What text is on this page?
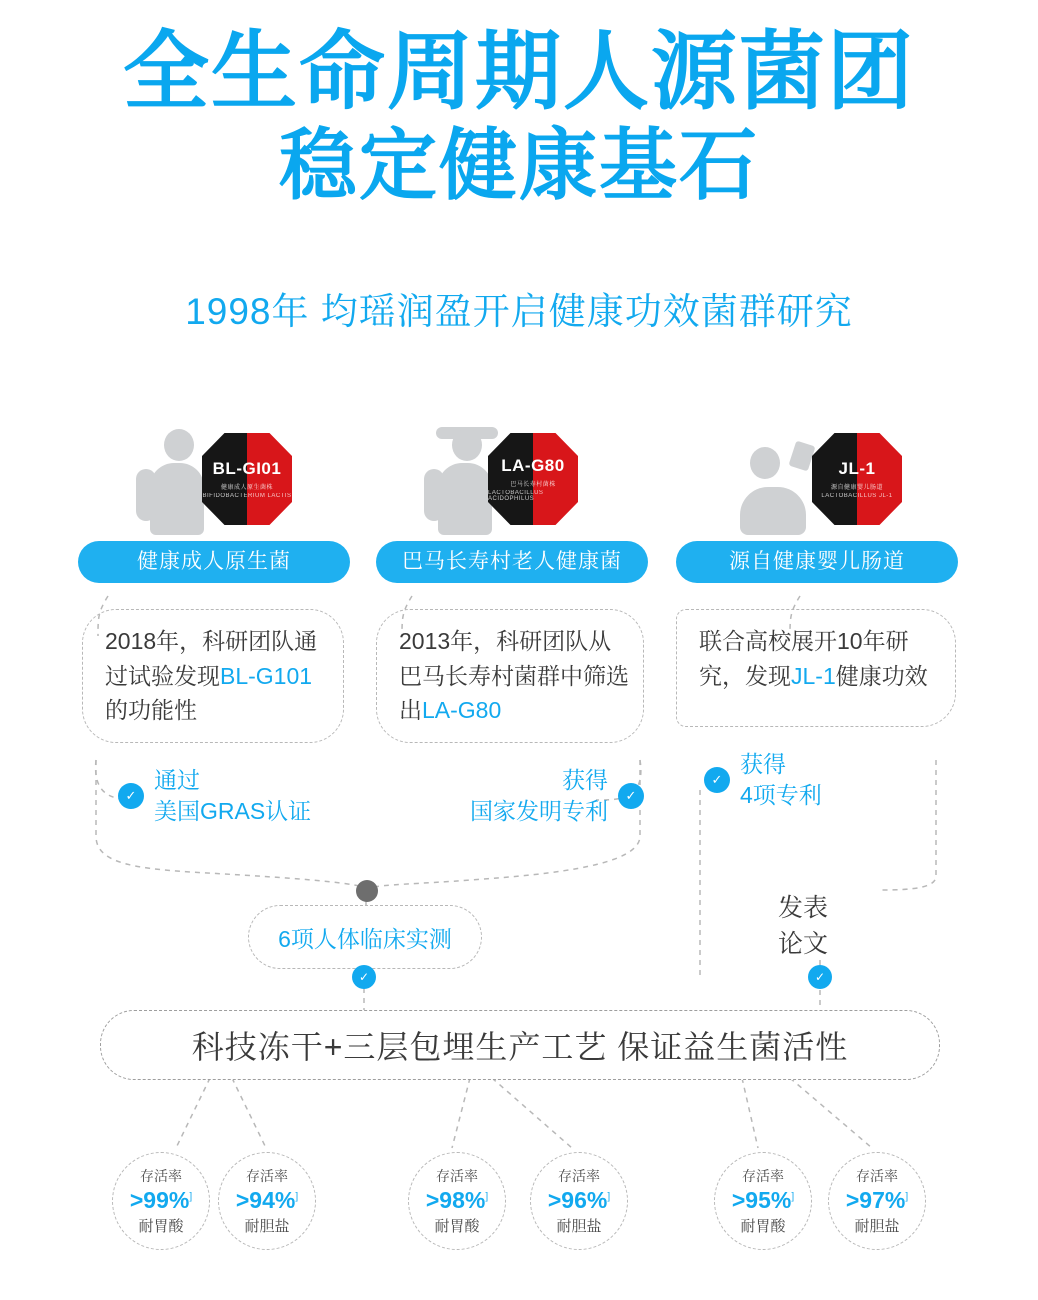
全生命周期人源菌团
稳定健康基石
1998年 均瑶润盈开启健康功效菌群研究
BL-GI01
健康成人原生菌株
BIFIDOBACTERIUM LACTIS
健康成人原生菌
2018年，科研团队通过试验发现BL-G101的功能性
✓
通过
美国GRAS认证
LA-G80
巴马长寿村菌株
LACTOBACILLUS ACIDOPHILUS
巴马长寿村老人健康菌
2013年，科研团队从巴马长寿村菌群中筛选出LA-G80
获得
国家发明专利
✓
JL-1
源自健康婴儿肠道
LACTOBACILLUS JL-1
源自健康婴儿肠道
联合高校展开10年研究，发现JL-1健康功效
✓
获得
4项专利
6项人体临床实测
✓
发表
论文
✓
科技冻干+三层包埋生产工艺 保证益生菌活性
存活率
>99%]
耐胃酸
存活率
>94%]
耐胆盐
存活率
>98%]
耐胃酸
存活率
>96%]
耐胆盐
存活率
>95%]
耐胃酸
存活率
>97%]
耐胆盐
